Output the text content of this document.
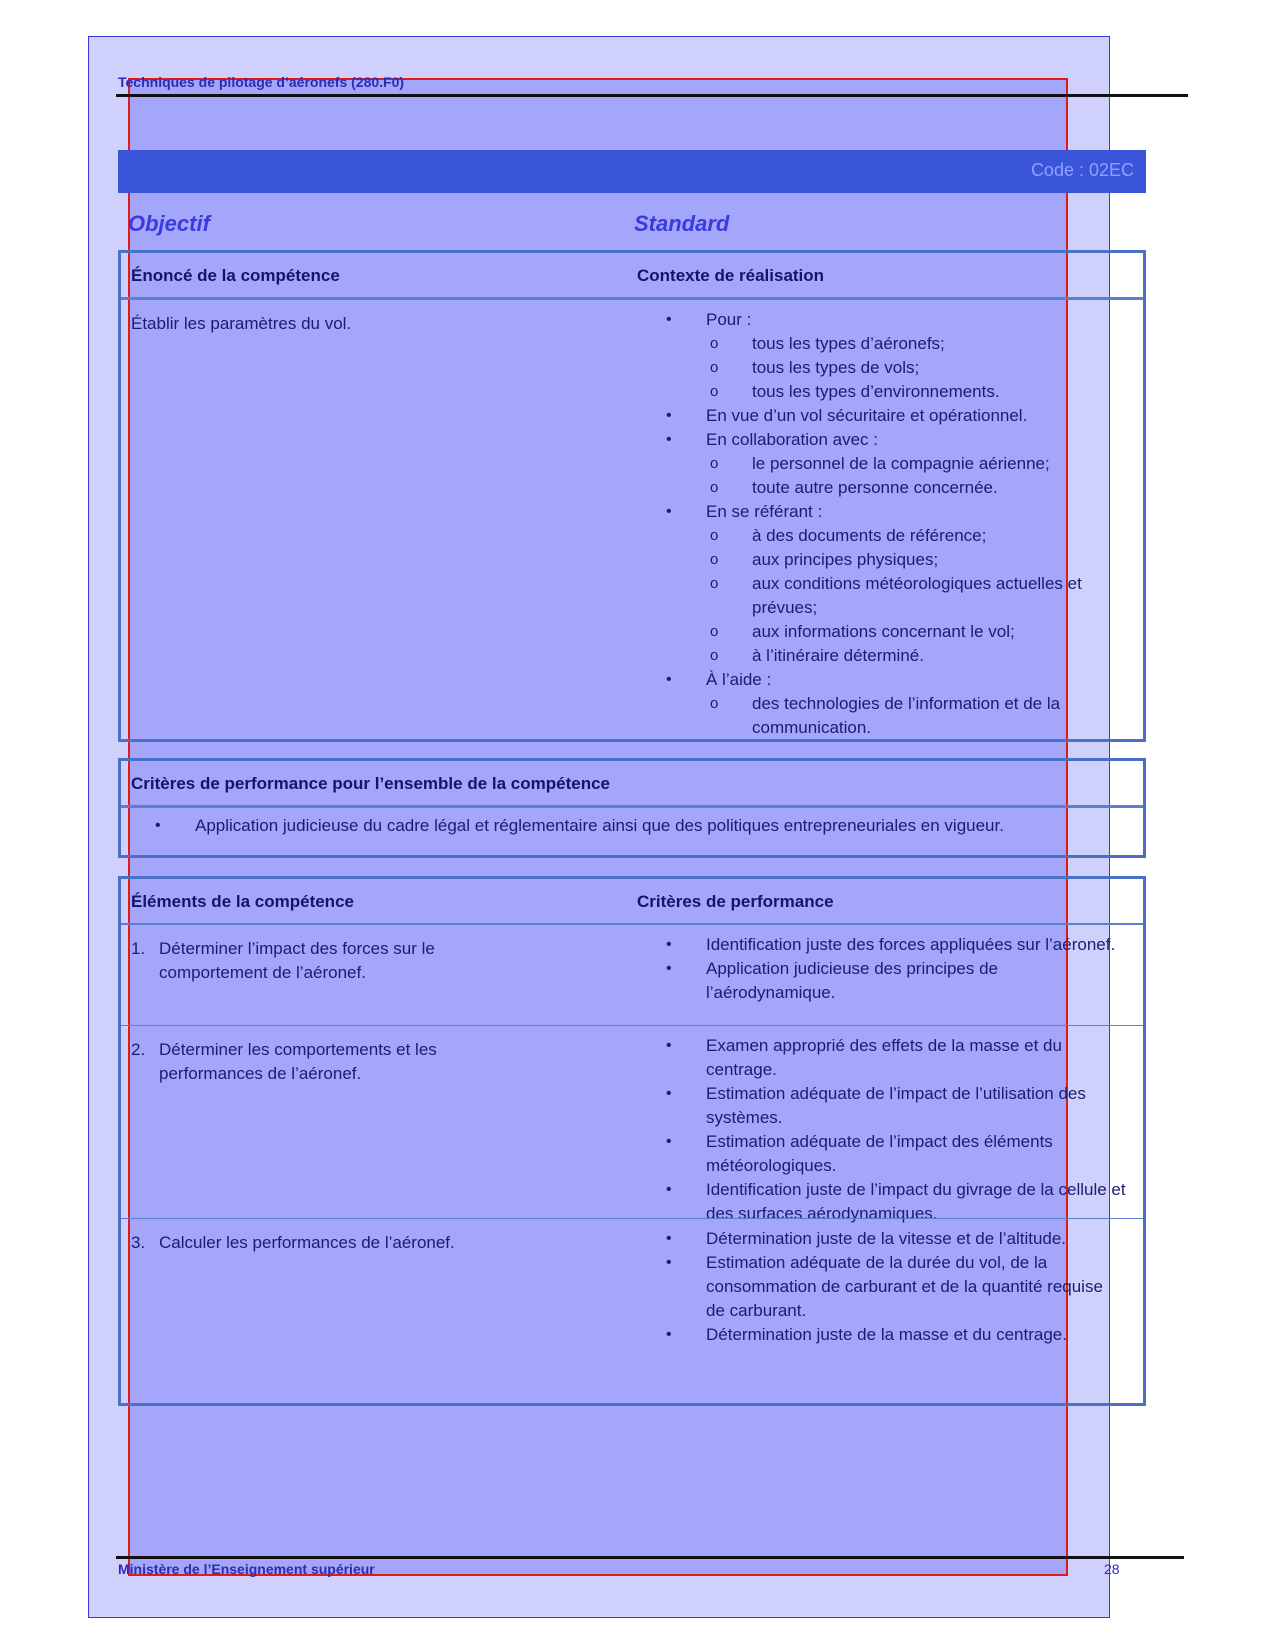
Techniques de pilotage d’aéronefs (280.F0)
Code : 02EC
Objectif	Standard
Énoncé de la compétence	Contexte de réalisation
Établir les paramètres du vol.	•	Pour :
o	tous les types d’aéronefs;
o	tous les types de vols;
o	tous les types d’environnements.
•	En vue d’un vol sécuritaire et opérationnel.
•	En collaboration avec :
o	le personnel de la compagnie aérienne;
o	toute autre personne concernée.
•	En se référant :
o	à des documents de référence;
o	aux principes physiques;
o	aux conditions météorologiques actuelles et prévues;
o	aux informations concernant le vol;
o	à l’itinéraire déterminé.
•	À l’aide :
o	des technologies de l’information et de la communication.
Critères de performance pour l’ensemble de la compétence
•	Application judicieuse du cadre légal et réglementaire ainsi que des politiques entrepreneuriales en vigueur.
Éléments de la compétence	Critères de performance
1. Déterminer l’impact des forces sur le comportement de l’aéronef.
•	Identification juste des forces appliquées sur l’aéronef.
•	Application judicieuse des principes de l’aérodynamique.
2. Déterminer les comportements et les performances de l’aéronef.
•	Examen approprié des effets de la masse et du centrage.
•	Estimation adéquate de l’impact de l’utilisation des systèmes.
•	Estimation adéquate de l’impact des éléments météorologiques.
•	Identification juste de l’impact du givrage de la cellule et des surfaces aérodynamiques.
3. Calculer les performances de l’aéronef.	•	Détermination juste de la vitesse et de l’altitude.
•	Estimation adéquate de la durée du vol, de la consommation de carburant et de la quantité requise de carburant.
•	Détermination juste de la masse et du centrage.
Ministère de l’Enseignement supérieur	28
